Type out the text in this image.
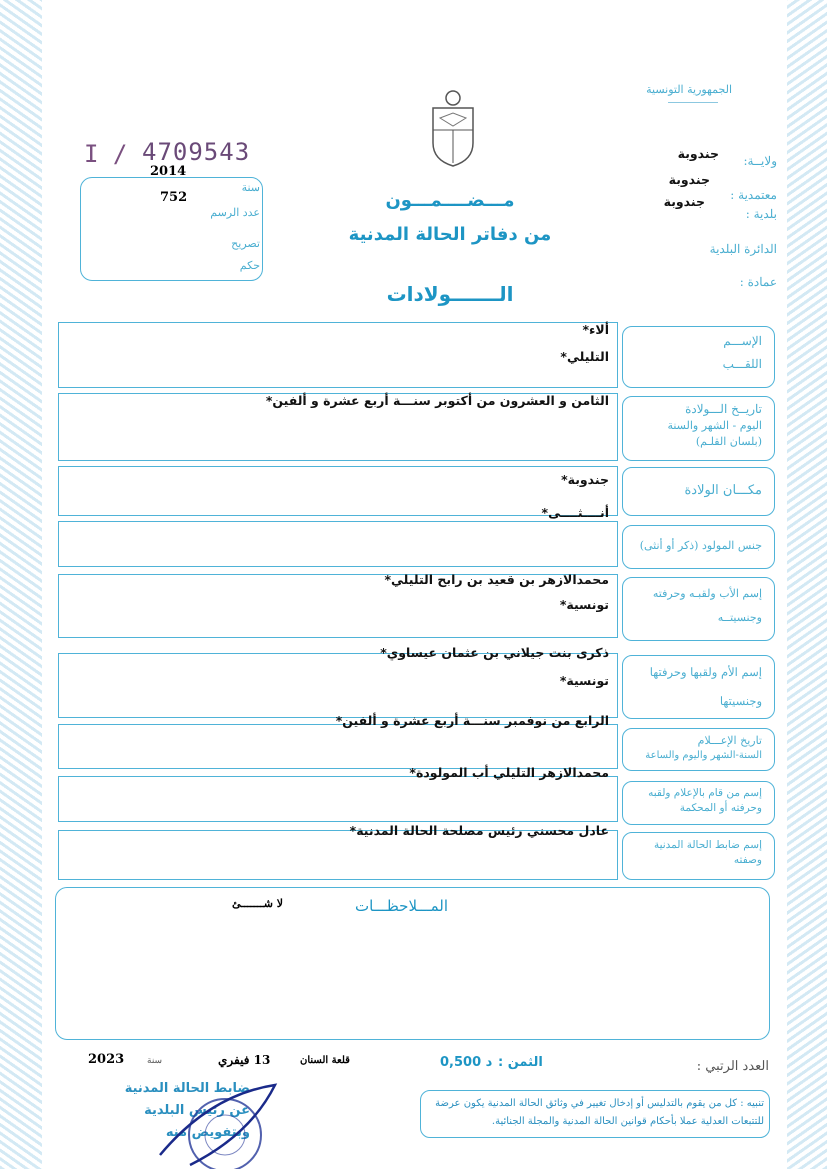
الجمهورية التونسية
I / 4709543
2014
752
سنة
عدد الرسم
تصريح
حكم
مـــضــــمـــون
من دفاتر الحالة المدنية
الـــــــولادات
ولايــة:
جندوبة
جندوبة
معتمدية :
جندوبة
بلدية :
الدائرة البلدية
عمادة :
الإســـم
اللقـــب
ألاء*
التليلي*
تاريــخ الـــولادة
اليوم - الشهر والسنة
(بلسان القلـم)
الثامن و العشرون من أكتوبر سنـــة أربع عشرة و ألفين*
مكـــان الولادة
جندوبة*
جنس المولود (ذكر أو أنثى)
أنــــثــــى*
إسم الأب ولقبـه وحرفته
وجنسيتــه
محمدالازهر بن قعيد بن رابح التليلي*
تونسية*
إسم الأم ولقبها وحرفتها
وجنسيتها
ذكرى بنت جيلاني بن عثمان عيساوي*
تونسية*
تاريخ الإعـــلام
السنة-الشهر واليوم والساعة
الرابع من نوفمبر سنـــة أربع عشرة و ألفين*
إسم من قام بالإعلام ولقبه
وحرفته أو المحكمة
محمدالازهر التليلي أب المولودة*
إسم ضابط الحالة المدنية
وصفته
عادل محسني رئيس مصلحة الحالة المدنية*
المـــلاحظـــات
لا شـــــــئ
العدد الرتبي :
الثمن :
0,500 د
قلعة السنان
13 فيفري
سنة
2023
ضابط الحالة المدنية
عن رئيس البلدية
وبتفويض منه
تنبيه : كل من يقوم بالتدليس أو إدخال تغيير في وثائق الحالة المدنية يكون عرضة للتتبعات العدلية عملا بأحكام قوانين الحالة المدنية والمجلة الجنائية.
